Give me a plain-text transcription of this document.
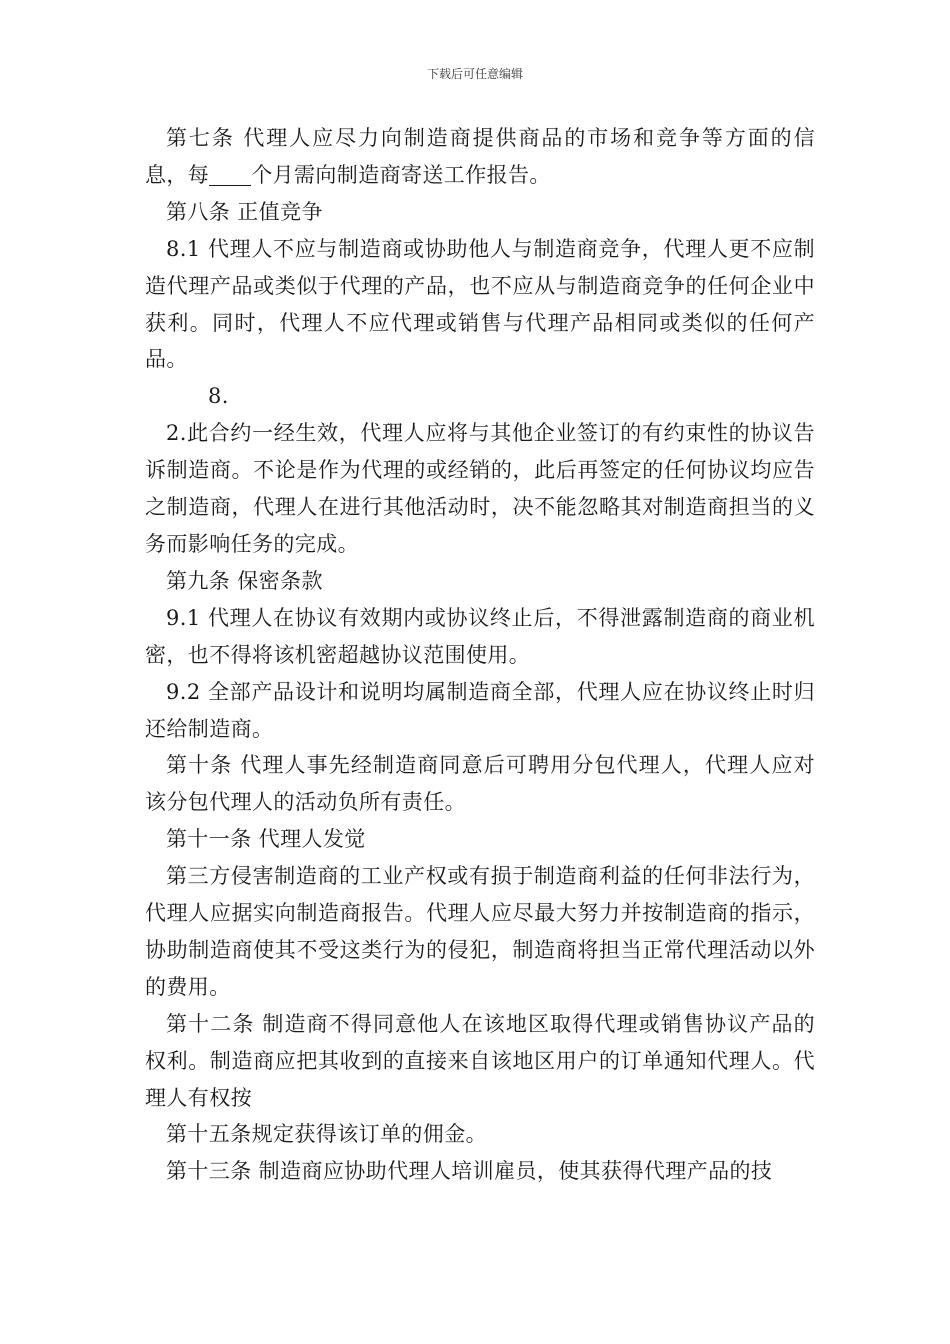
下载后可任意编辑

第七条 代理人应尽力向制造商提供商品的市场和竞争等方面的信息，每 个月需向制造商寄送工作报告。

第八条 正值竞争

8.1 代理人不应与制造商或协助他人与制造商竞争，代理人更不应制造代理产品或类似于代理的产品，也不应从与制造商竞争的任何企业中获利。同时，代理人不应代理或销售与代理产品相同或类似的任何产品。

8.

2.此合约一经生效，代理人应将与其他企业签订的有约束性的协议告诉制造商。不论是作为代理的或经销的，此后再签定的任何协议均应告之制造商，代理人在进行其他活动时，决不能忽略其对制造商担当的义务而影响任务的完成。

第九条 保密条款

9.1 代理人在协议有效期内或协议终止后，不得泄露制造商的商业机密，也不得将该机密超越协议范围使用。

9.2 全部产品设计和说明均属制造商全部，代理人应在协议终止时归还给制造商。

第十条 代理人事先经制造商同意后可聘用分包代理人，代理人应对该分包代理人的活动负所有责任。

第十一条 代理人发觉

第三方侵害制造商的工业产权或有损于制造商利益的任何非法行为，代理人应据实向制造商报告。代理人应尽最大努力并按制造商的指示，协助制造商使其不受这类行为的侵犯，制造商将担当正常代理活动以外的费用。

第十二条 制造商不得同意他人在该地区取得代理或销售协议产品的权利。制造商应把其收到的直接来自该地区用户的订单通知代理人。代理人有权按

第十五条规定获得该订单的佣金。

第十三条 制造商应协助代理人培训雇员，使其获得代理产品的技
